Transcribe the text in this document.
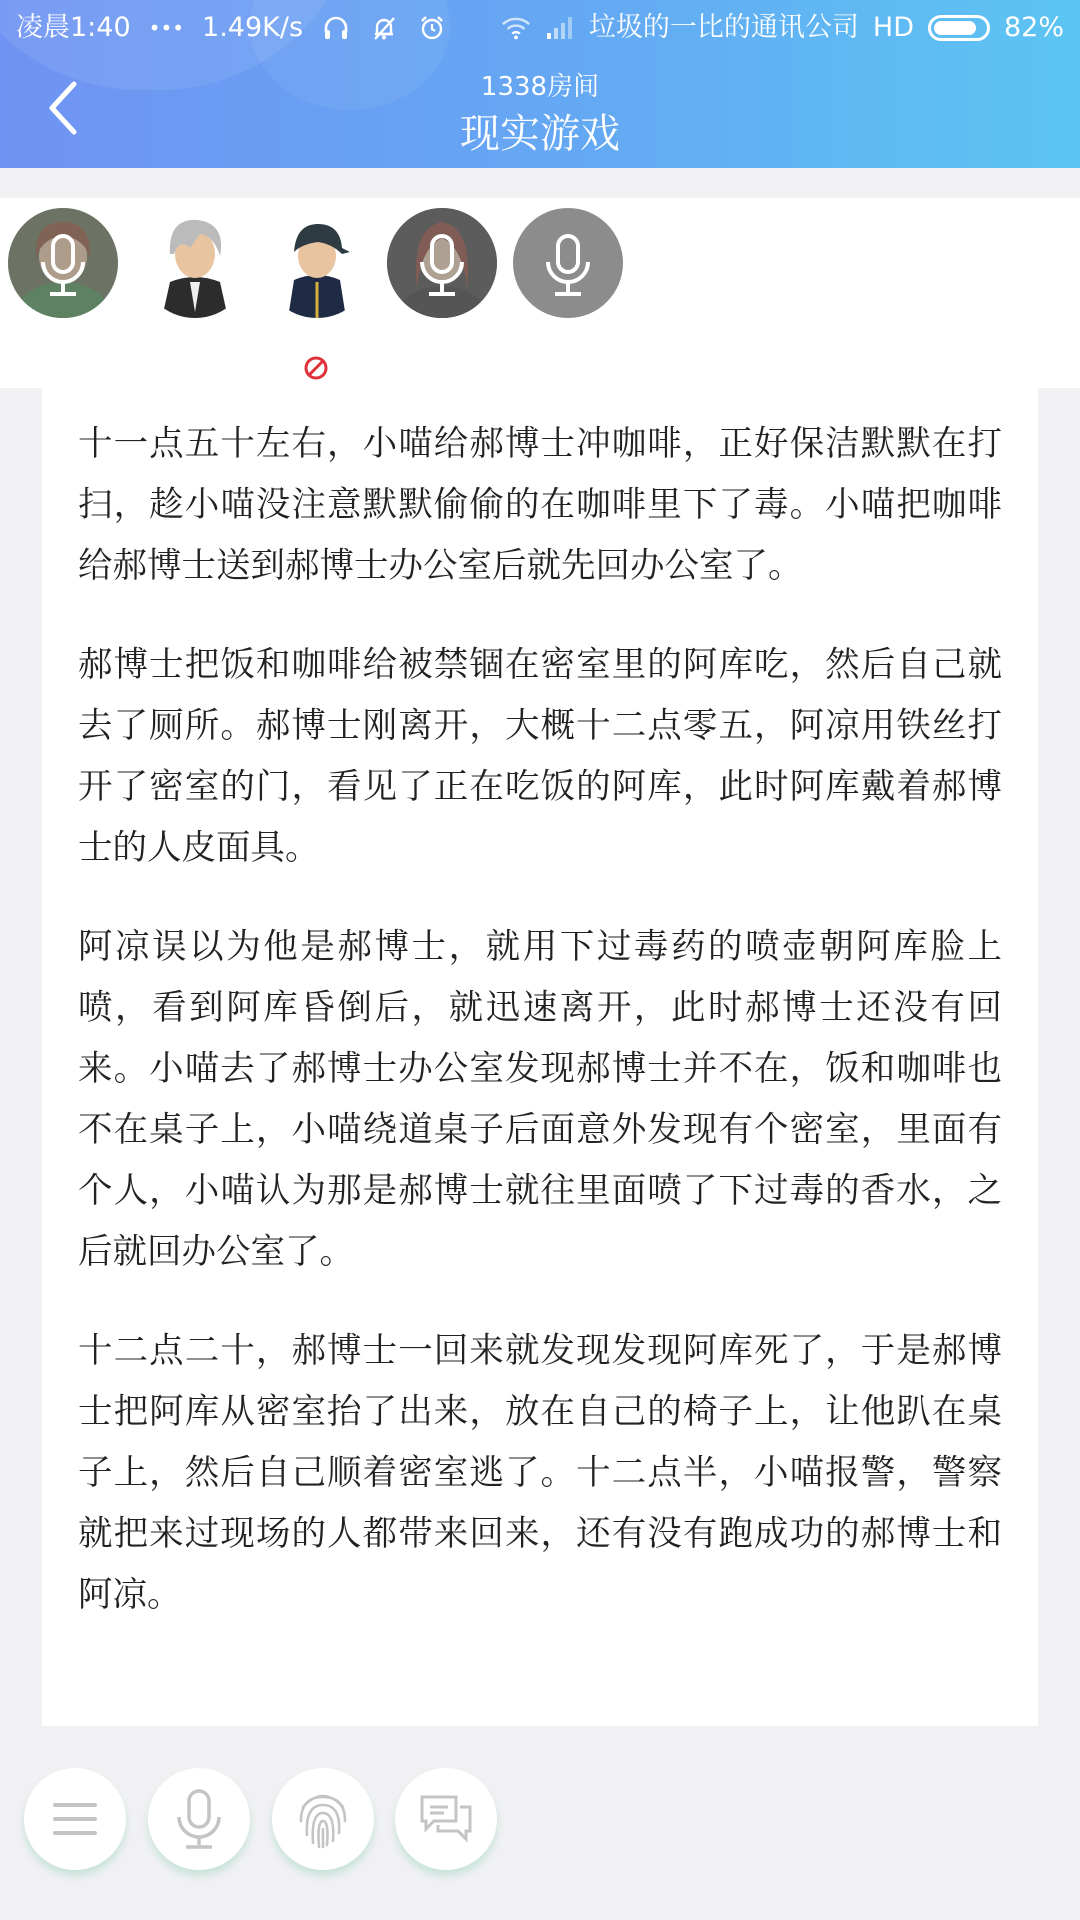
凌晨1:40 ••• 1.49K/s	垃圾的一比的通讯公司 HD	82%
1338房间
现实游戏

十一点五十左右，小喵给郝博士冲咖啡，正好保洁默默在打扫，趁小喵没注意默默偷偷的在咖啡里下了毒。小喵把咖啡给郝博士送到郝博士办公室后就先回办公室了。

郝博士把饭和咖啡给被禁锢在密室里的阿库吃，然后自己就去了厕所。郝博士刚离开，大概十二点零五，阿凉用铁丝打开了密室的门，看见了正在吃饭的阿库，此时阿库戴着郝博士的人皮面具。

阿凉误以为他是郝博士，就用下过毒药的喷壶朝阿库脸上喷，看到阿库昏倒后，就迅速离开，此时郝博士还没有回来。小喵去了郝博士办公室发现郝博士并不在，饭和咖啡也不在桌子上，小喵绕道桌子后面意外发现有个密室，里面有个人，小喵认为那是郝博士就往里面喷了下过毒的香水，之后就回办公室了。

十二点二十，郝博士一回来就发现发现阿库死了，于是郝博士把阿库从密室抬了出来，放在自己的椅子上，让他趴在桌子上，然后自己顺着密室逃了。十二点半，小喵报警，警察就把来过现场的人都带来回来，还有没有跑成功的郝博士和阿凉。
